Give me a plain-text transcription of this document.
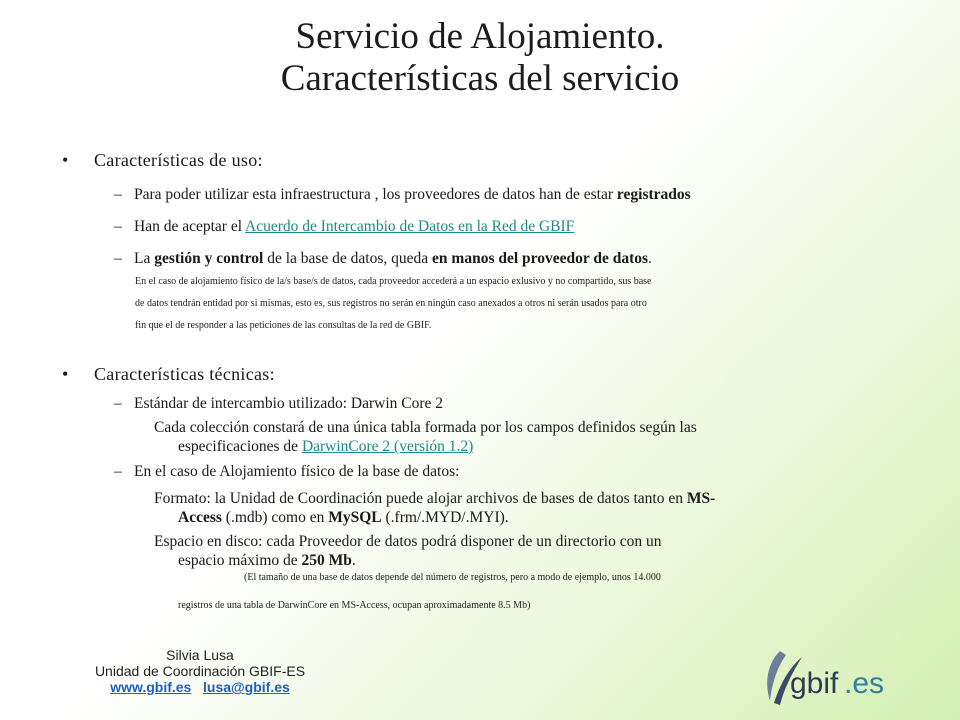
Servicio de Alojamiento.
Características del servicio
• Características de uso:
– Para poder utilizar esta infraestructura , los proveedores de datos han de estar registrados
– Han de aceptar el Acuerdo de Intercambio de Datos en la Red de GBIF
– La gestión y control de la base de datos, queda en manos del proveedor de datos.
En el caso de alojamiento físico de la/s base/s de datos, cada proveedor accederá a un espacio exlusivo y no compartido, sus base
de datos tendrán entidad por si mismas, esto es, sus registros no serán en ningún caso anexados a otros ni serán usados para otro
fin que el de responder a las peticiones de las consultas de la red de GBIF.
• Características técnicas:
– Estándar de intercambio utilizado: Darwin Core 2
Cada colección constará de una única tabla formada por los campos definidos según las
especificaciones de DarwinCore 2 (versión 1.2)
– En el caso de Alojamiento físico de la base de datos:
Formato: la Unidad de Coordinación puede alojar archivos de bases de datos tanto en MS-
Access (.mdb) como en MySQL (.frm/.MYD/.MYI).
Espacio en disco: cada Proveedor de datos podrá disponer de un directorio con un
espacio máximo de 250 Mb.
(El tamaño de una base de datos depende del número de registros, pero a modo de ejemplo, unos 14.000
registros de una tabla de DarwinCore en MS-Access, ocupan aproximadamente 8.5 Mb)
Silvia Lusa
Unidad de Coordinación GBIF-ES
www.gbif.es lusa@gbif.es	gbif .es
